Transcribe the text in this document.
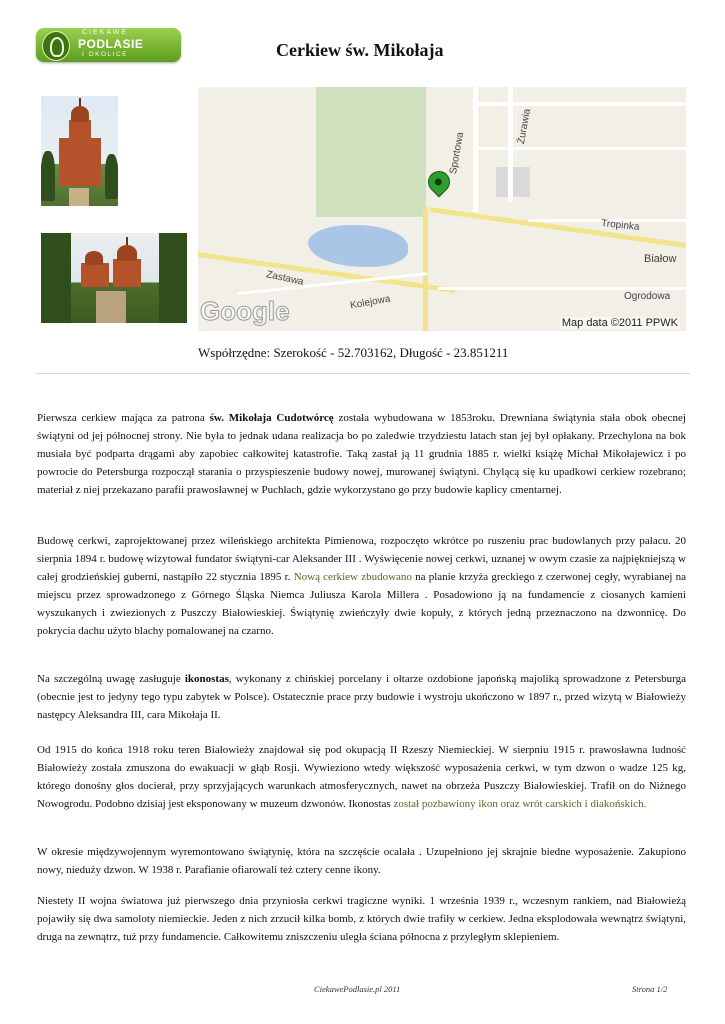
CIEKAWE
PODLASIE
I OKOLICE	Cerkiew św. Mikołaja
Zastawa
Kolejowa
Sportowa
Żurawia
Tropinka
Białow
Ogrodowa
Google	Map data ©2011 PPWK
Współrzędne: Szerokość - 52.703162, Długość - 23.851211

Pierwsza cerkiew mająca za patrona św. Mikołaja Cudotwórcę została wybudowana w 1853roku. Drewniana świątynia stała obok obecnej świątyni od jej północnej strony. Nie była to jednak udana realizacja bo po zaledwie trzydziestu latach stan jej był opłakany. Przechylona na bok musiała być podparta drągami aby zapobiec całkowitej katastrofie. Taką zastał ją 11 grudnia 1885 r. wielki książę Michał Mikołajewicz i po powrocie do Petersburga rozpoczął starania o przyspieszenie budowy nowej, murowanej świątyni. Chylącą się ku upadkowi cerkiew rozebrano; materiał z niej przekazano parafii prawosławnej w Puchłach, gdzie wykorzystano go przy budowie kaplicy cmentarnej.

Budowę cerkwi, zaprojektowanej przez wileńskiego architekta Pimienowa, rozpoczęto wkrótce po ruszeniu prac budowlanych przy pałacu. 20 sierpnia 1894 r. budowę wizytował fundator świątyni-car Aleksander III . Wyświęcenie nowej cerkwi, uznanej w owym czasie za najpiękniejszą w całej grodzieńskiej guberni, nastąpiło 22 stycznia 1895 r. Nową cerkiew zbudowano na planie krzyża greckiego z czerwonej cegły, wyrabianej na miejscu przez sprowadzonego z Górnego Śląska Niemca Juliusza Karola Millera . Posadowiono ją na fundamencie z ciosanych kamieni wyszukanych i zwiezionych z Puszczy Białowieskiej. Świątynię zwieńczyły dwie kopuły, z których jedną przeznaczono na dzwonnicę. Do pokrycia dachu użyto blachy pomalowanej na czarno.

Na szczególną uwagę zasługuje ikonostas, wykonany z chińskiej porcelany i ołtarze ozdobione japońską majoliką sprowadzone z Petersburga (obecnie jest to jedyny tego typu zabytek w Polsce). Ostatecznie prace przy budowie i wystroju ukończono w 1897 r., przed wizytą w Białowieży następcy Aleksandra III, cara Mikołaja II.

Od 1915 do końca 1918 roku teren Białowieży znajdował się pod okupacją II Rzeszy Niemieckiej. W sierpniu 1915 r. prawosławna ludność Białowieży została zmuszona do ewakuacji w głąb Rosji. Wywieziono wtedy większość wyposażenia cerkwi, w tym dzwon o wadze 125 kg, którego donośny głos docierał, przy sprzyjających warunkach atmosferycznych, nawet na obrzeża Puszczy Białowieskiej. Trafił on do Niżnego Nowogrodu. Podobno dzisiaj jest eksponowany w muzeum dzwonów. Ikonostas został pozbawiony ikon oraz wrót carskich i diakońskich.

W okresie międzywojennym wyremontowano świątynię, która na szczęście ocalała . Uzupełniono jej skrajnie biedne wyposażenie. Zakupiono nowy, nieduży dzwon. W 1938 r. Parafianie ofiarowali też cztery cenne ikony.

Niestety II wojna światowa już pierwszego dnia przyniosła cerkwi tragiczne wyniki. 1 września 1939 r., wczesnym rankiem, nad Białowieżą pojawiły się dwa samoloty niemieckie. Jeden z nich zrzucił kilka bomb, z których dwie trafiły w cerkiew. Jedna eksplodowała wewnątrz świątyni, druga na zewnątrz, tuż przy fundamencie. Całkowitemu zniszczeniu uległa ściana północna z przyległym sklepieniem.

CiekawePodlasie.pl 2011	Strona 1/2
